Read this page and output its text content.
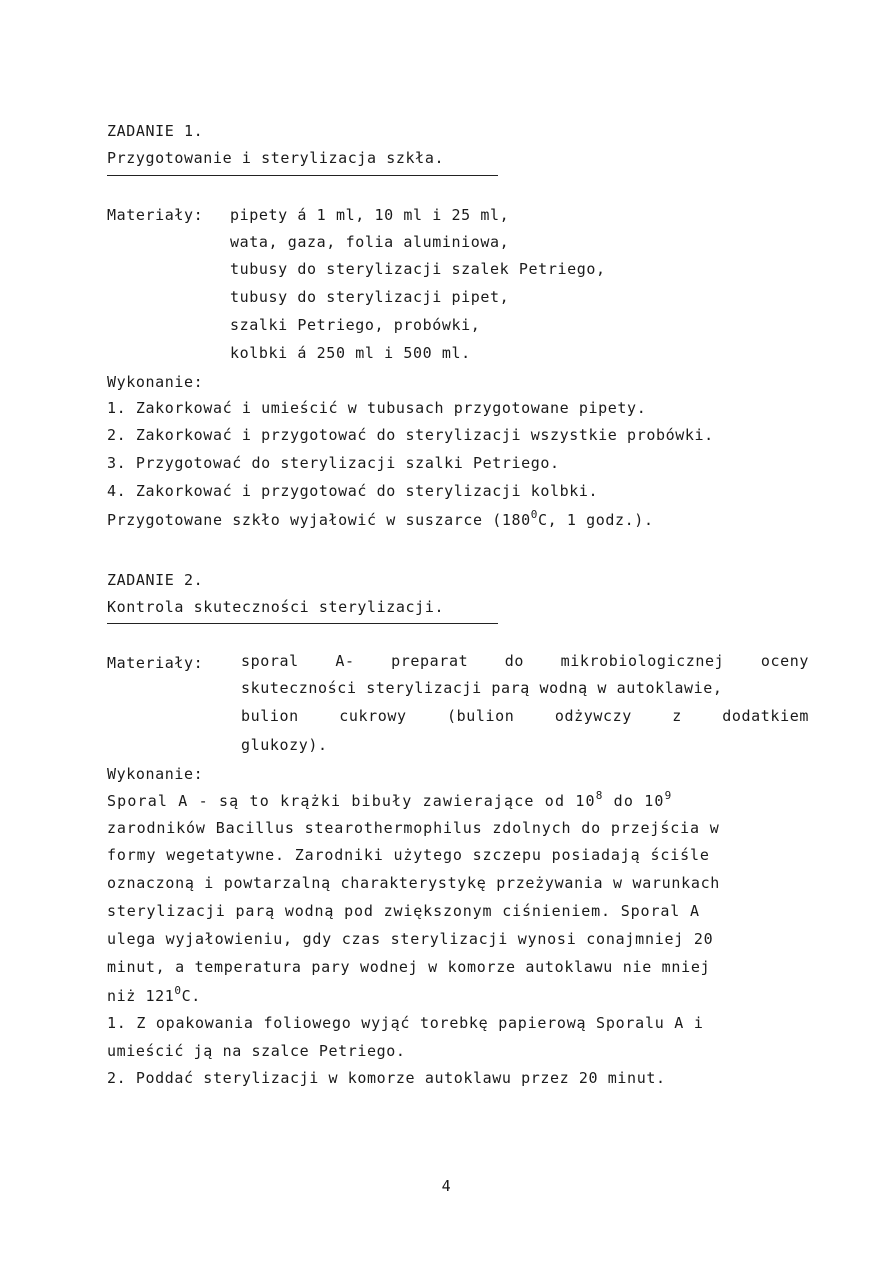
ZADANIE 1.
Przygotowanie i sterylizacja szkła.
Materiały: pipety á 1 ml, 10 ml i 25 ml,
wata, gaza, folia aluminiowa,
tubusy do sterylizacji szalek Petriego,
tubusy do sterylizacji pipet,
szalki Petriego, probówki,
kolbki á 250 ml i 500 ml.
Wykonanie:
1. Zakorkować i umieścić w tubusach przygotowane pipety.
2. Zakorkować i przygotować do sterylizacji wszystkie probówki.
3. Przygotować do sterylizacji szalki Petriego.
4. Zakorkować i przygotować do sterylizacji kolbki.
Przygotowane szkło wyjałowić w suszarce ($180^0C$, 1 godz.).
ZADANIE 2.
Kontrola skuteczności sterylizacji.
Materiały:	sporal A- preparat do mikrobiologicznej oceny
skuteczności sterylizacji parą wodną w autoklawie,
bulion	cukrowy	(bulion	odżywczy	z	dodatkiem
glukozy).
Wykonanie:
Sporal A - są to krążki bibuły zawierające od $10^8$ do $10^9$
zarodników Bacillus stearothermophilus zdolnych do przejścia w
formy wegetatywne. Zarodniki użytego szczepu posiadają ściśle
oznaczoną i powtarzalną charakterystykę przeżywania w warunkach
sterylizacji parą wodną pod zwiększonym ciśnieniem. Sporal A
ulega wyjałowieniu, gdy czas sterylizacji wynosi conajmniej 20
minut, a temperatura pary wodnej w komorze autoklawu nie mniej
niż $121^0C$.
1. Z opakowania foliowego wyjąć torebkę papierową Sporalu A i
umieścić ją na szalce Petriego.
2. Poddać sterylizacji w komorze autoklawu przez 20 minut.
4
